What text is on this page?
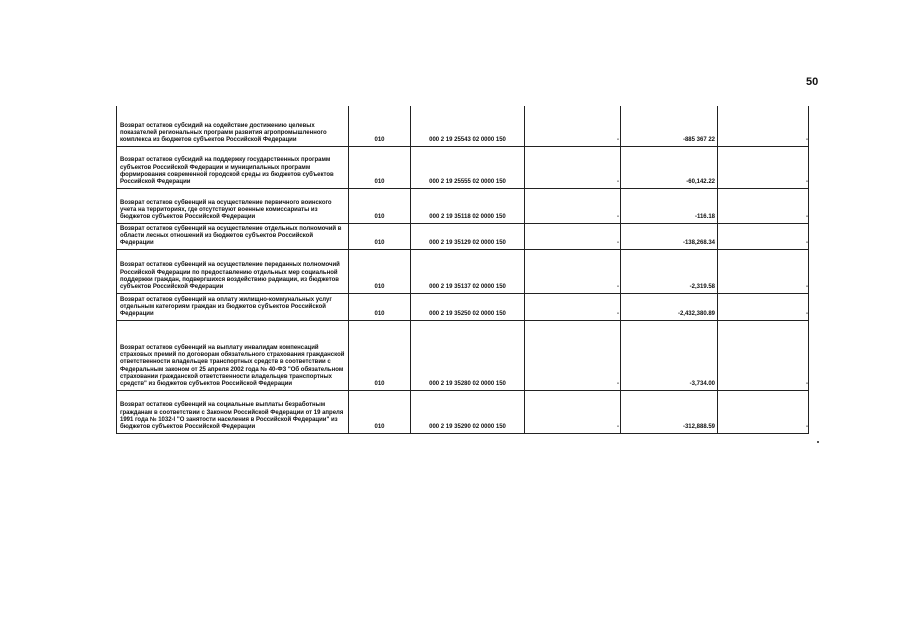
50
Возврат остатков субсидий на содействие достижению целевых показателей региональных программ развития агропромышленного комплекса из бюджетов субъектов Российской Федерации	010	000 2 19 25543 02 0000 150	-	-885 367 22	-
Возврат остатков субсидий на поддержку государственных программ субъектов Российской Федерации и муниципальных программ формирования современной городской среды из бюджетов субъектов Российской Федерации	010	000 2 19 25555 02 0000 150	-	-60,142.22	-
Возврат остатков субвенций на осуществление первичного воинского учета на территориях, где отсутствуют военные комиссариаты из бюджетов субъектов Российской Федерации	010	000 2 19 35118 02 0000 150	-	-116.18	-
Возврат остатков субвенций на осуществление отдельных полномочий в области лесных отношений из бюджетов субъектов Российской Федерации	010	000 2 19 35129 02 0000 150	-	-138,268.34	-
Возврат остатков субвенций на осуществление переданных полномочий Российской Федерации по предоставлению отдельных мер социальной поддержки граждан, подвергшихся воздействию радиации, из бюджетов субъектов Российской Федерации	010	000 2 19 35137 02 0000 150	-	-2,319.58	-
Возврат остатков субвенций на оплату жилищно-коммунальных услуг отдельным категориям граждан из бюджетов субъектов Российской Федерации	010	000 2 19 35250 02 0000 150	-	-2,432,380.89	-
Возврат остатков субвенций на выплату инвалидам компенсаций страховых премий по договорам обязательного страхования гражданской ответственности владельцев транспортных средств в соответствии с Федеральным законом от 25 апреля 2002 года № 40-ФЗ "Об обязательном страховании гражданской ответственности владельцев транспортных средств" из бюджетов субъектов Российской Федерации	010	000 2 19 35280 02 0000 150	-	-3,734.00	-
Возврат остатков субвенций на социальные выплаты безработным гражданам в соответствии с Законом Российской Федерации от 19 апреля 1991 года № 1032-I "О занятости населения в Российской Федерации" из бюджетов субъектов Российской Федерации	010	000 2 19 35290 02 0000 150	-	-312,888.59	-
